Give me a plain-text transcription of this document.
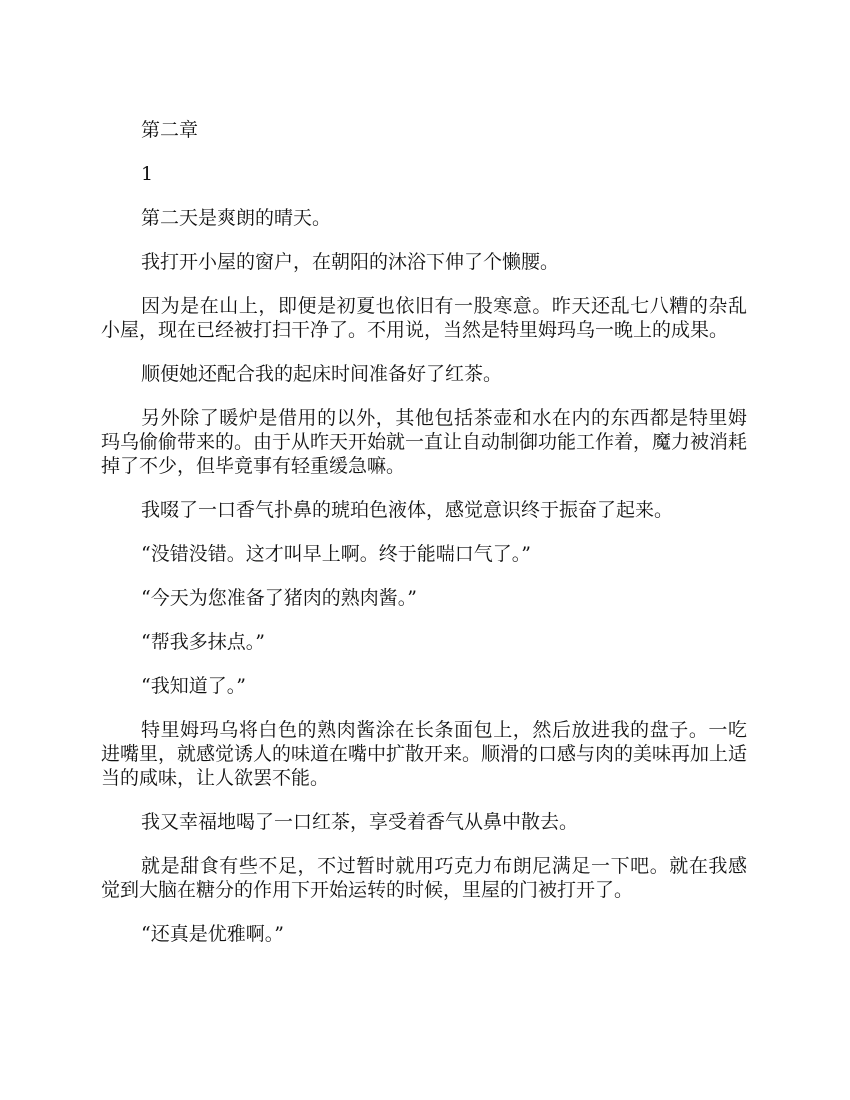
第二章

1

第二天是爽朗的晴天。

我打开小屋的窗户，在朝阳的沐浴下伸了个懒腰。

因为是在山上，即便是初夏也依旧有一股寒意。昨天还乱七八糟的杂乱小屋，现在已经被打扫干净了。不用说，当然是特里姆玛乌一晚上的成果。

顺便她还配合我的起床时间准备好了红茶。

另外除了暖炉是借用的以外，其他包括茶壶和水在内的东西都是特里姆玛乌偷偷带来的。由于从昨天开始就一直让自动制御功能工作着，魔力被消耗掉了不少，但毕竟事有轻重缓急嘛。

我啜了一口香气扑鼻的琥珀色液体，感觉意识终于振奋了起来。

“没错没错。这才叫早上啊。终于能喘口气了。”

“今天为您准备了猪肉的熟肉酱。”

“帮我多抹点。”

“我知道了。”

特里姆玛乌将白色的熟肉酱涂在长条面包上，然后放进我的盘子。一吃进嘴里，就感觉诱人的味道在嘴中扩散开来。顺滑的口感与肉的美味再加上适当的咸味，让人欲罢不能。

我又幸福地喝了一口红茶，享受着香气从鼻中散去。

就是甜食有些不足，不过暂时就用巧克力布朗尼满足一下吧。就在我感觉到大脑在糖分的作用下开始运转的时候，里屋的门被打开了。

“还真是优雅啊。”
